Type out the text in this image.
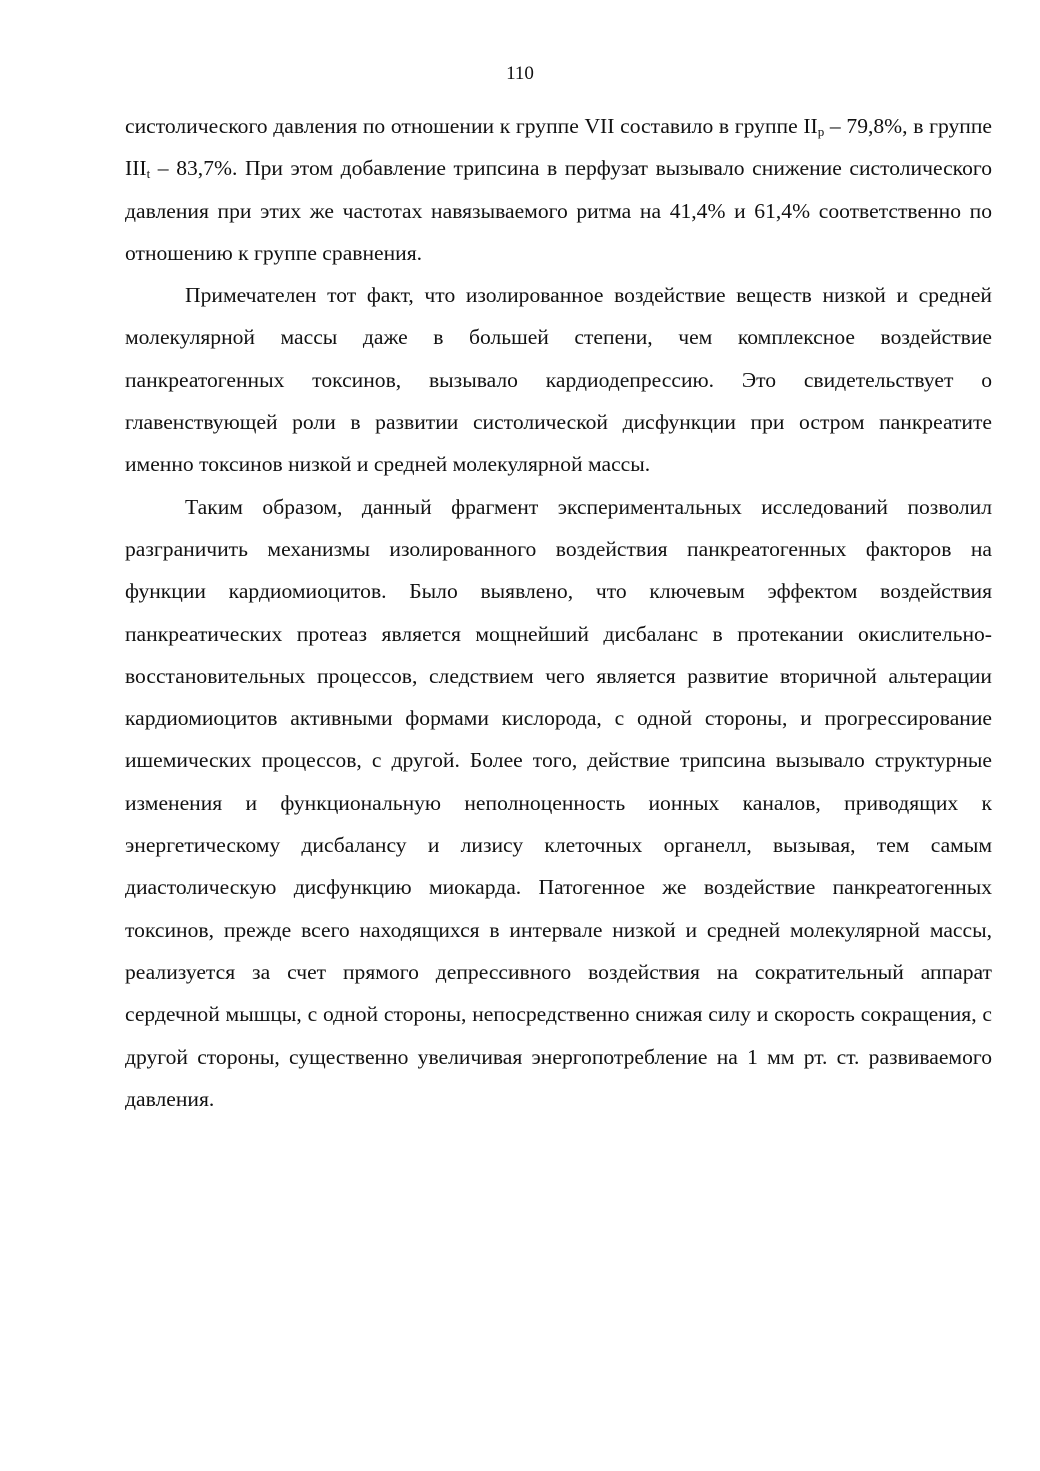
110

систолического давления по отношении к группе VII составило в группе $II_p - 79,8\%$, в группе $III_t - 83,7\%$. При этом добавление трипсина в перфузат вызывало снижение систолического давления при этих же частотах навязываемого ритма на 41,4% и 61,4% соответственно по отношению к группе сравнения.

Примечателен тот факт, что изолированное воздействие веществ низкой и средней молекулярной массы даже в большей степени, чем комплексное воздействие панкреатогенных токсинов, вызывало кардиодепрессию. Это свидетельствует о главенствующей роли в развитии систолической дисфункции при остром панкреатите именно токсинов низкой и средней молекулярной массы.

Таким образом, данный фрагмент экспериментальных исследований позволил разграничить механизмы изолированного воздействия панкреатогенных факторов на функции кардиомиоцитов. Было выявлено, что ключевым эффектом воздействия панкреатических протеаз является мощнейший дисбаланс в протекании окислительно-восстановительных процессов, следствием чего является развитие вторичной альтерации кардиомиоцитов активными формами кислорода, с одной стороны, и прогрессирование ишемических процессов, с другой. Более того, действие трипсина вызывало структурные изменения и функциональную неполноценность ионных каналов, приводящих к энергетическому дисбалансу и лизису клеточных органелл, вызывая, тем самым диастолическую дисфункцию миокарда. Патогенное же воздействие панкреатогенных токсинов, прежде всего находящихся в интервале низкой и средней молекулярной массы, реализуется за счет прямого депрессивного воздействия на сократительный аппарат сердечной мышцы, с одной стороны, непосредственно снижая силу и скорость сокращения, с другой стороны, существенно увеличивая энергопотребление на 1 мм рт. ст. развиваемого давления.
